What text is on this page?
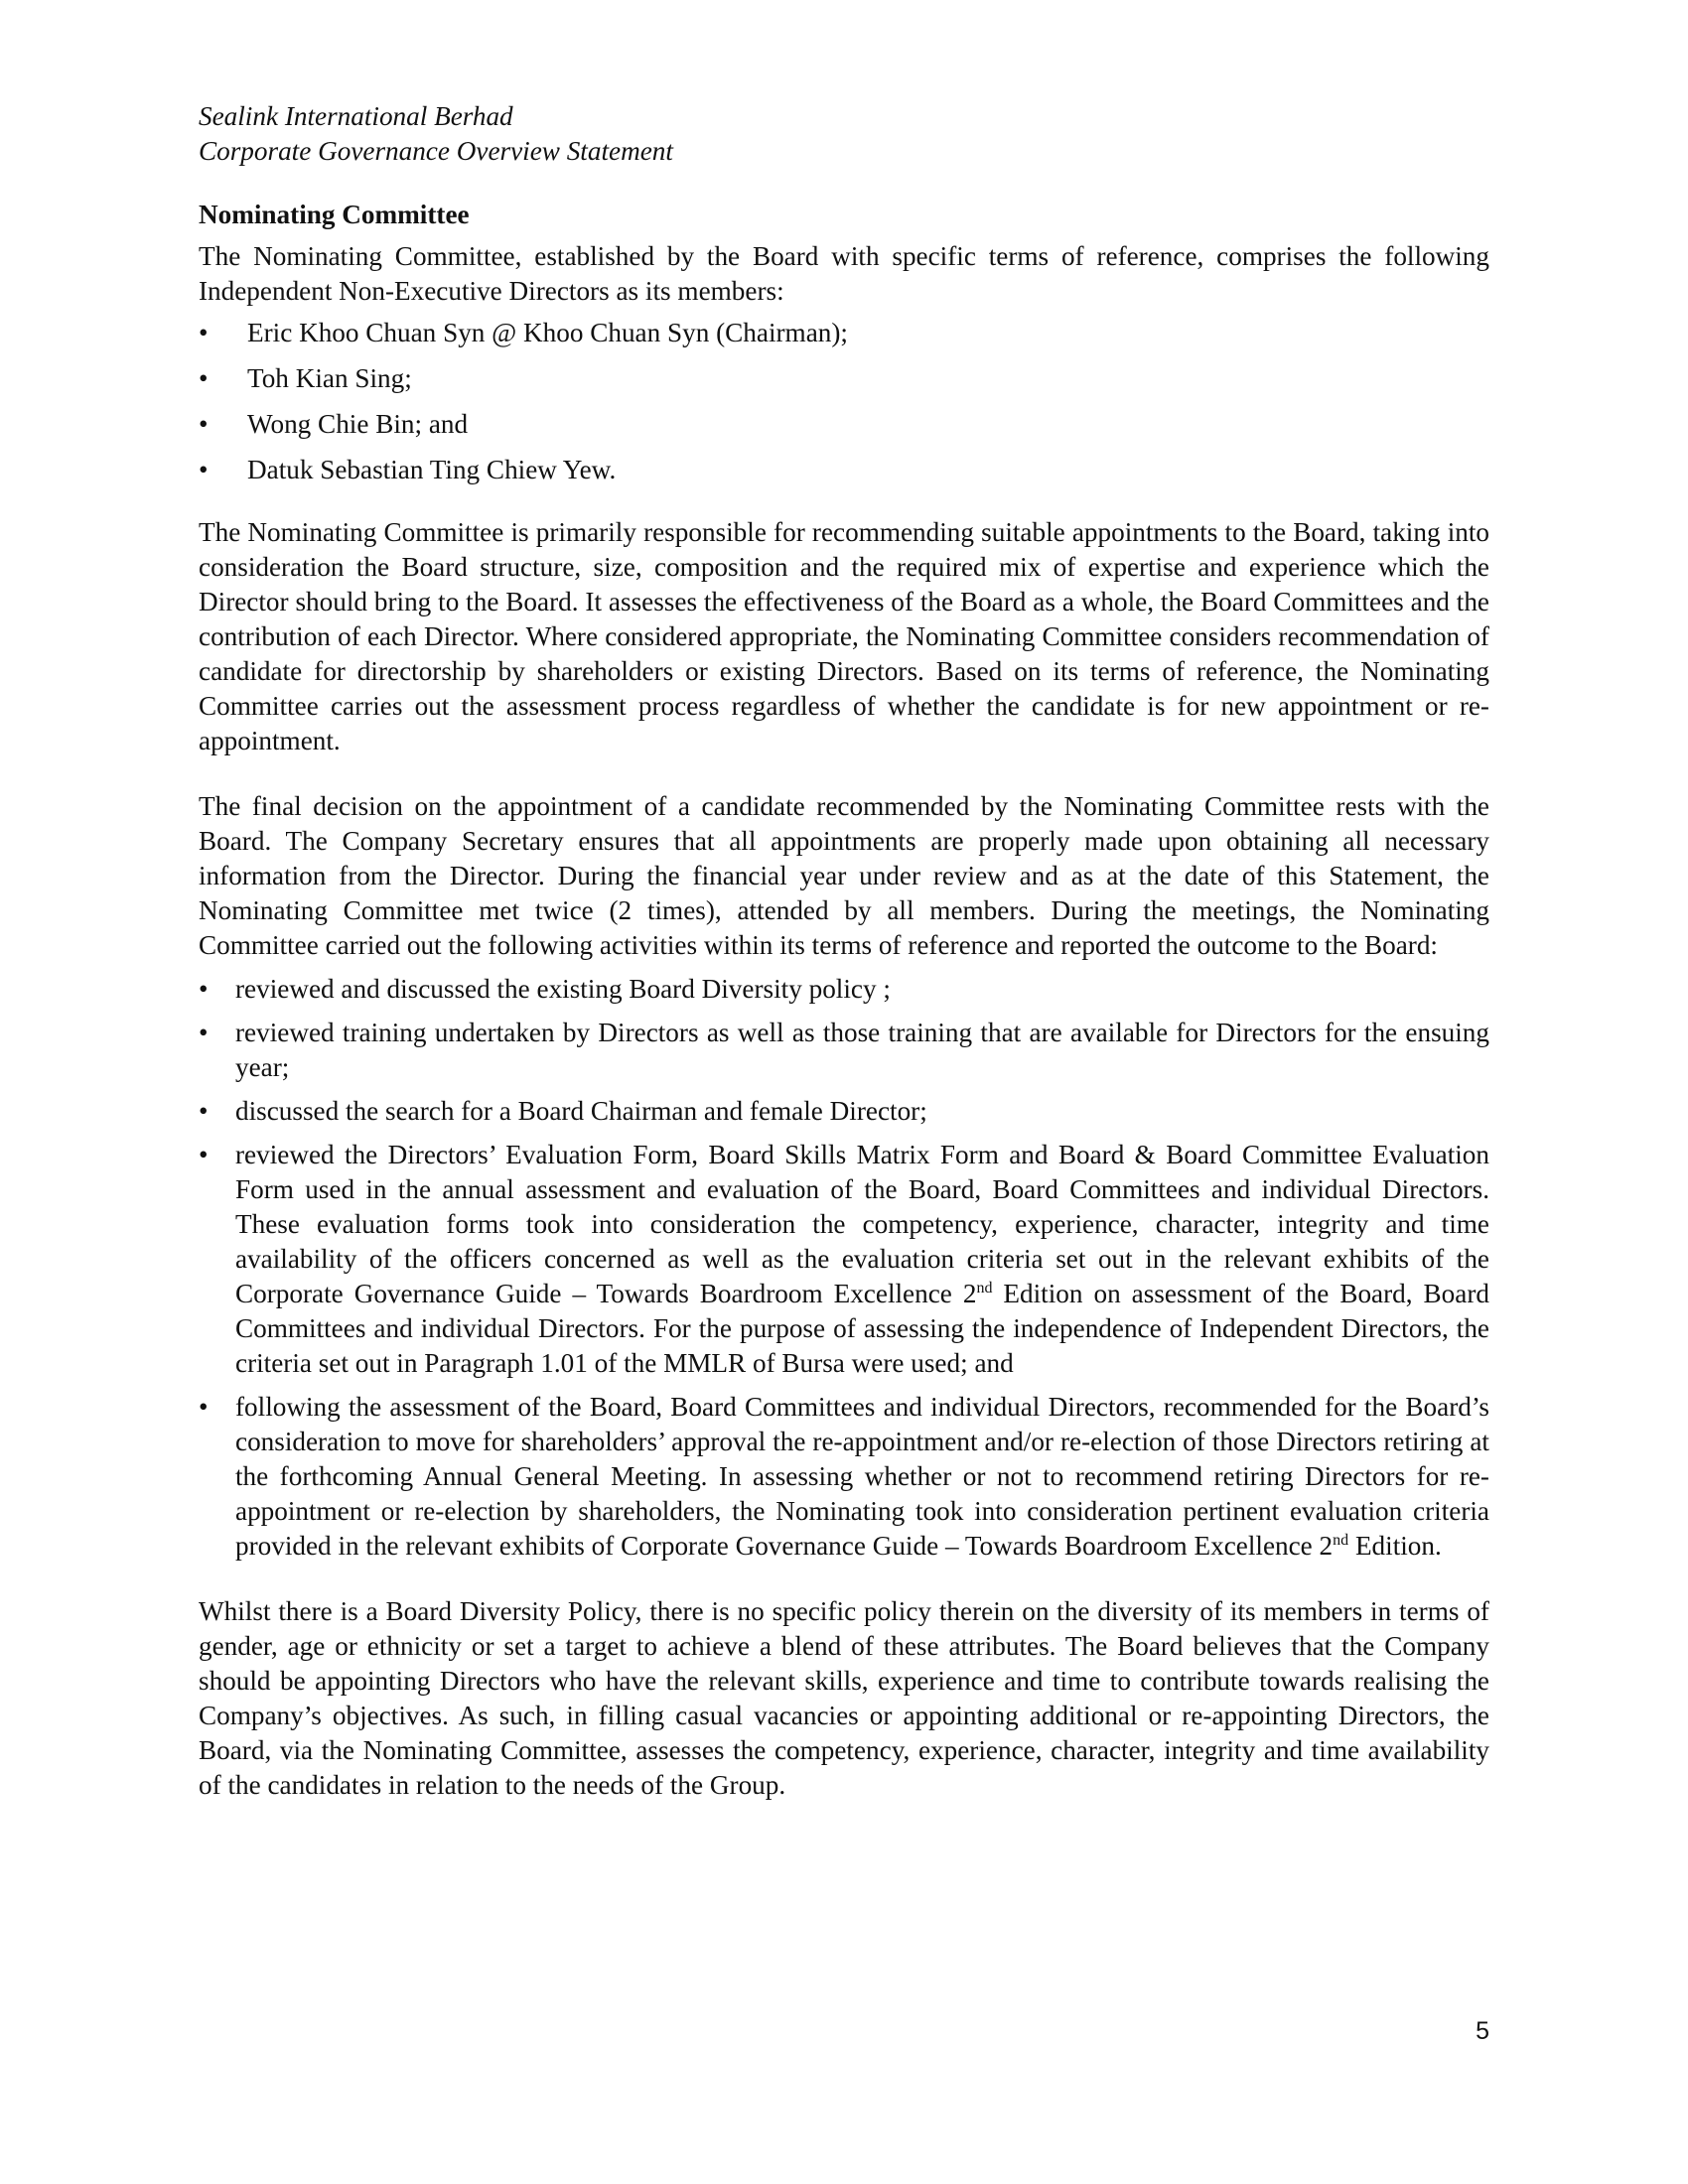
Sealink International Berhad
Corporate Governance Overview Statement
Nominating Committee

The Nominating Committee, established by the Board with specific terms of reference, comprises the following Independent Non-Executive Directors as its members:

• Eric Khoo Chuan Syn @ Khoo Chuan Syn (Chairman);
• Toh Kian Sing;
• Wong Chie Bin; and
• Datuk Sebastian Ting Chiew Yew.

The Nominating Committee is primarily responsible for recommending suitable appointments to the Board, taking into consideration the Board structure, size, composition and the required mix of expertise and experience which the Director should bring to the Board. It assesses the effectiveness of the Board as a whole, the Board Committees and the contribution of each Director. Where considered appropriate, the Nominating Committee considers recommendation of candidate for directorship by shareholders or existing Directors. Based on its terms of reference, the Nominating Committee carries out the assessment process regardless of whether the candidate is for new appointment or re-appointment.

The final decision on the appointment of a candidate recommended by the Nominating Committee rests with the Board. The Company Secretary ensures that all appointments are properly made upon obtaining all necessary information from the Director. During the financial year under review and as at the date of this Statement, the Nominating Committee met twice (2 times), attended by all members. During the meetings, the Nominating Committee carried out the following activities within its terms of reference and reported the outcome to the Board:

• reviewed and discussed the existing Board Diversity policy ;
• reviewed training undertaken by Directors as well as those training that are available for Directors for the ensuing year;
• discussed the search for a Board Chairman and female Director;
• reviewed the Directors’ Evaluation Form, Board Skills Matrix Form and Board & Board Committee Evaluation Form used in the annual assessment and evaluation of the Board, Board Committees and individual Directors. These evaluation forms took into consideration the competency, experience, character, integrity and time availability of the officers concerned as well as the evaluation criteria set out in the relevant exhibits of the Corporate Governance Guide – Towards Boardroom Excellence 2nd Edition on assessment of the Board, Board Committees and individual Directors. For the purpose of assessing the independence of Independent Directors, the criteria set out in Paragraph 1.01 of the MMLR of Bursa were used; and
• following the assessment of the Board, Board Committees and individual Directors, recommended for the Board’s consideration to move for shareholders’ approval the re-appointment and/or re-election of those Directors retiring at the forthcoming Annual General Meeting. In assessing whether or not to recommend retiring Directors for re-appointment or re-election by shareholders, the Nominating took into consideration pertinent evaluation criteria provided in the relevant exhibits of Corporate Governance Guide – Towards Boardroom Excellence 2nd Edition.

Whilst there is a Board Diversity Policy, there is no specific policy therein on the diversity of its members in terms of gender, age or ethnicity or set a target to achieve a blend of these attributes. The Board believes that the Company should be appointing Directors who have the relevant skills, experience and time to contribute towards realising the Company’s objectives. As such, in filling casual vacancies or appointing additional or re-appointing Directors, the Board, via the Nominating Committee, assesses the competency, experience, character, integrity and time availability of the candidates in relation to the needs of the Group.

5
